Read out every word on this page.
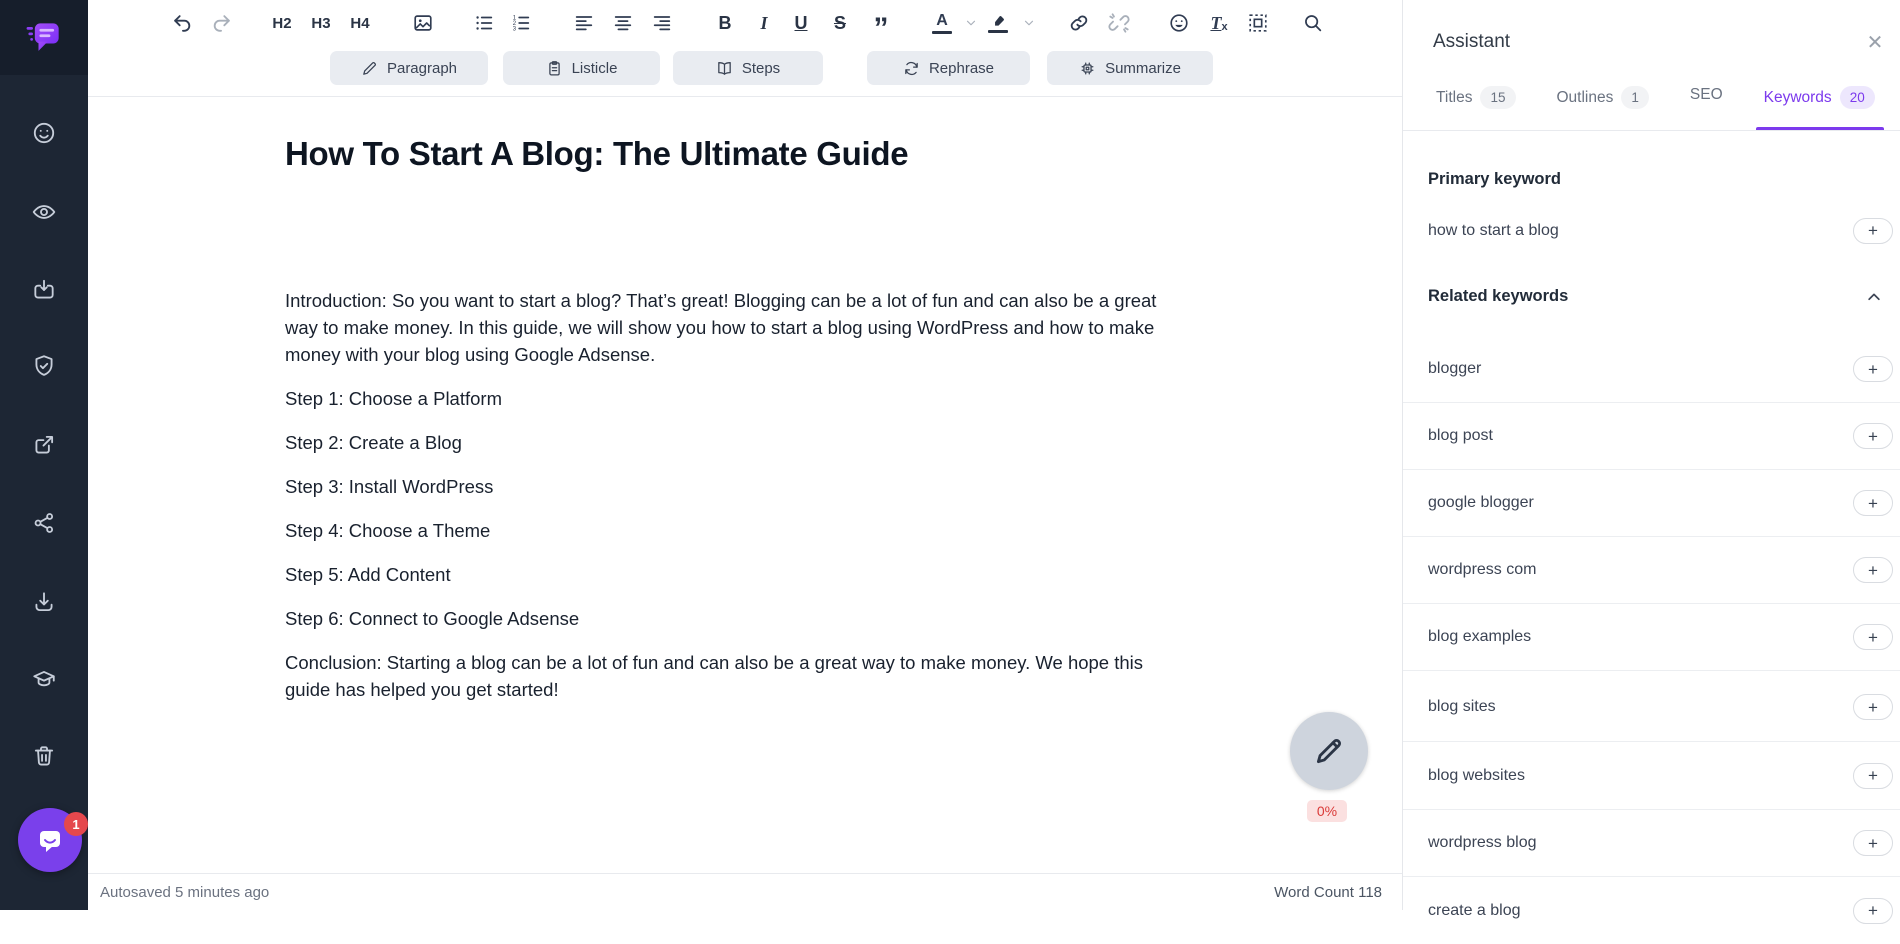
1
H2	H3	H4	1
2
3	B	I	U	S ”	A	T x
Paragraph	Listicle	Steps	Rephrase	Summarize
How To Start A Blog: The Ultimate Guide

Introduction: So you want to start a blog? That’s great! Blogging can be a lot of fun and can also be a great way to make money. In this guide, we will show you how to start a blog using WordPress and how to make money with your blog using Google Adsense.

Step 1: Choose a Platform

Step 2: Create a Blog

Step 3: Install WordPress

Step 4: Choose a Theme

Step 5: Add Content

Step 6: Connect to Google Adsense

Conclusion: Starting a blog can be a lot of fun and can also be a great way to make money. We hope this guide has helped you get started!

0%
Autosaved 5 minutes ago	Word Count 118
Assistant	✕
Titles	15	Outlines	1	SEO	Keywords	20
Primary keyword
how to start a blog	+
Related keywords
blogger	+
blog post	+
google blogger	+
wordpress com	+
blog examples	+
blog sites	+
blog websites	+
wordpress blog	+
create a blog	+
